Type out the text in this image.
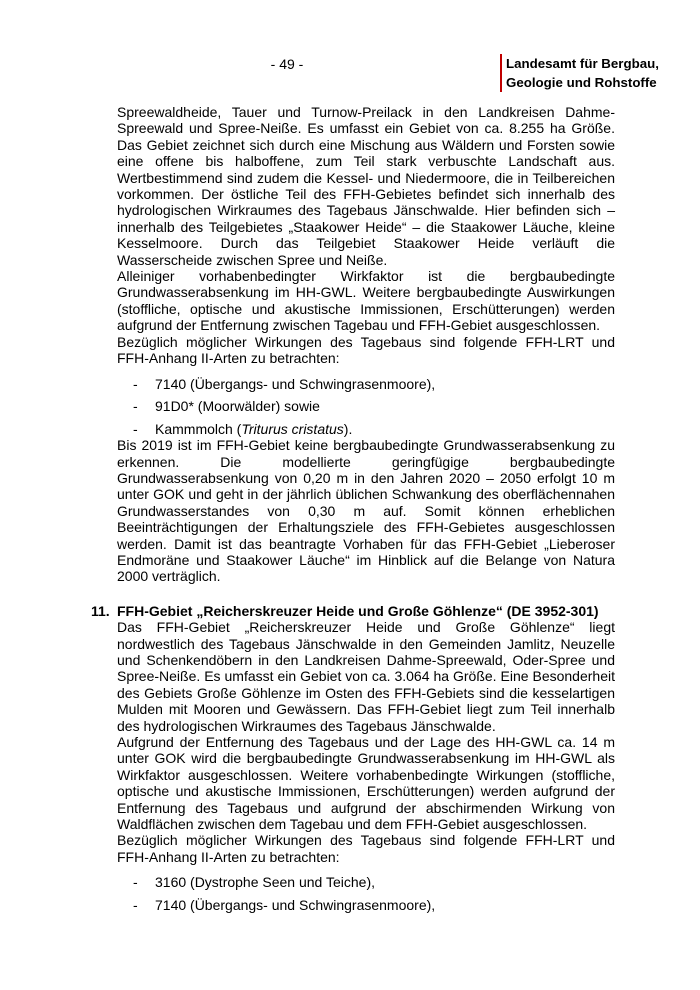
- 49 -	Landesamt für Bergbau,
Geologie und Rohstoffe

Spreewaldheide, Tauer und Turnow-Preilack in den Landkreisen Dahme-Spreewald und Spree-Neiße. Es umfasst ein Gebiet von ca. 8.255 ha Größe. Das Gebiet zeichnet sich durch eine Mischung aus Wäldern und Forsten sowie eine offene bis halboffene, zum Teil stark verbuschte Landschaft aus. Wertbestimmend sind zudem die Kessel- und Niedermoore, die in Teilbereichen vorkommen. Der östliche Teil des FFH-Gebietes befindet sich innerhalb des hydrologischen Wirkraumes des Tagebaus Jänschwalde. Hier befinden sich – innerhalb des Teilgebietes „Staakower Heide“ – die Staakower Läuche, kleine Kesselmoore. Durch das Teilgebiet Staakower Heide verläuft die Wasserscheide zwischen Spree und Neiße.

Alleiniger vorhabenbedingter Wirkfaktor ist die bergbaubedingte Grundwasserabsenkung im HH-GWL. Weitere bergbaubedingte Auswirkungen (stoffliche, optische und akustische Immissionen, Erschütterungen) werden aufgrund der Entfernung zwischen Tagebau und FFH-Gebiet ausgeschlossen.

Bezüglich möglicher Wirkungen des Tagebaus sind folgende FFH-LRT und FFH-Anhang II-Arten zu betrachten:

- 7140 (Übergangs- und Schwingrasenmoore),
- 91D0* (Moorwälder) sowie
- Kammmolch (Triturus cristatus).

Bis 2019 ist im FFH-Gebiet keine bergbaubedingte Grundwasserabsenkung zu erkennen. Die modellierte geringfügige bergbaubedingte Grundwasserabsenkung von 0,20 m in den Jahren 2020 – 2050 erfolgt 10 m unter GOK und geht in der jährlich üblichen Schwankung des oberflächennahen Grundwasserstandes von 0,30 m auf. Somit können erheblichen Beeinträchtigungen der Erhaltungsziele des FFH-Gebietes ausgeschlossen werden. Damit ist das beantragte Vorhaben für das FFH-Gebiet „Lieberoser Endmoräne und Staakower Läuche“ im Hinblick auf die Belange von Natura 2000 verträglich.

11. FFH-Gebiet „Reicherskreuzer Heide und Große Göhlenze“ (DE 3952-301)

Das FFH-Gebiet „Reicherskreuzer Heide und Große Göhlenze“ liegt nordwestlich des Tagebaus Jänschwalde in den Gemeinden Jamlitz, Neuzelle und Schenkendöbern in den Landkreisen Dahme-Spreewald, Oder-Spree und Spree-Neiße. Es umfasst ein Gebiet von ca. 3.064 ha Größe. Eine Besonderheit des Gebiets Große Göhlenze im Osten des FFH-Gebiets sind die kesselartigen Mulden mit Mooren und Gewässern. Das FFH-Gebiet liegt zum Teil innerhalb des hydrologischen Wirkraumes des Tagebaus Jänschwalde.

Aufgrund der Entfernung des Tagebaus und der Lage des HH-GWL ca. 14 m unter GOK wird die bergbaubedingte Grundwasserabsenkung im HH-GWL als Wirkfaktor ausgeschlossen. Weitere vorhabenbedingte Wirkungen (stoffliche, optische und akustische Immissionen, Erschütterungen) werden aufgrund der Entfernung des Tagebaus und aufgrund der abschirmenden Wirkung von Waldflächen zwischen dem Tagebau und dem FFH-Gebiet ausgeschlossen.

Bezüglich möglicher Wirkungen des Tagebaus sind folgende FFH-LRT und FFH-Anhang II-Arten zu betrachten:

- 3160 (Dystrophe Seen und Teiche),
- 7140 (Übergangs- und Schwingrasenmoore),
